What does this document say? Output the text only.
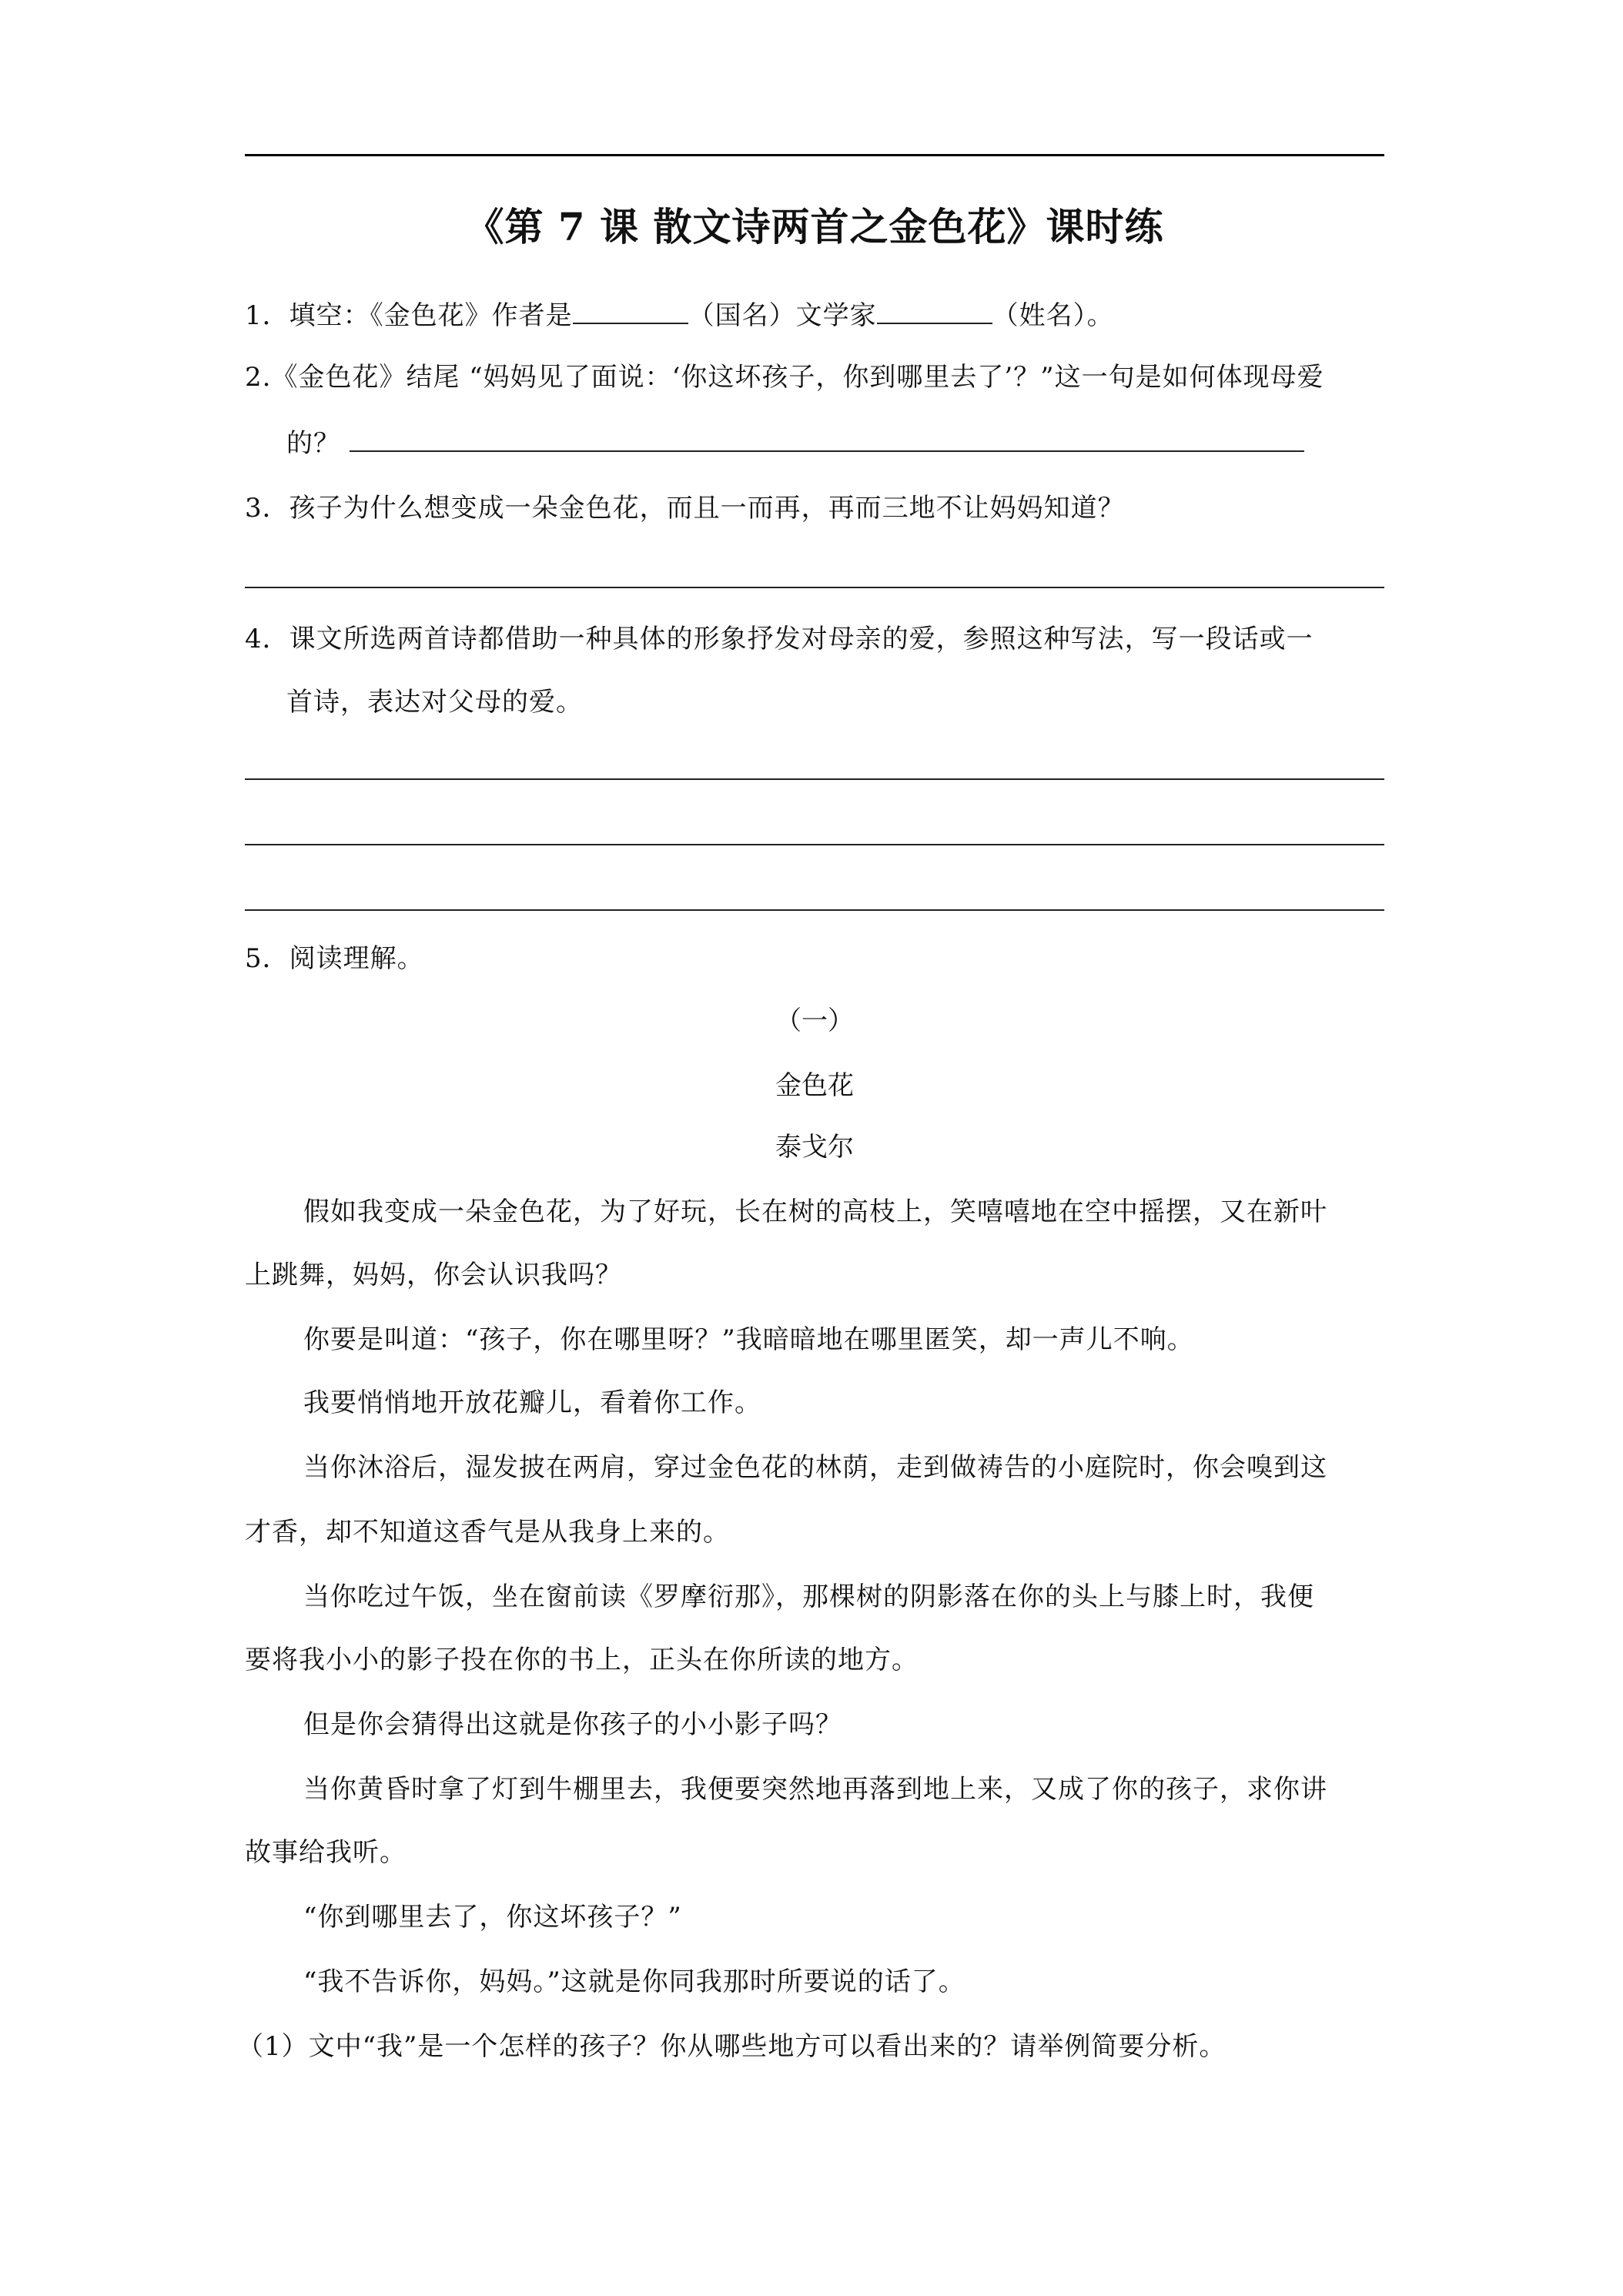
《第 7 课 散文诗两首之金色花》课时练
1．填空：《金色花》作者是	（国名）文学家	（姓名）。
2.《金色花》结尾 “妈妈见了面说：‘你这坏孩子，你到哪里去了’？”这一句是如何体现母爱
的？
3．孩子为什么想变成一朵金色花，而且一而再，再而三地不让妈妈知道？
4．课文所选两首诗都借助一种具体的形象抒发对母亲的爱，参照这种写法，写一段话或一
首诗，表达对父母的爱。
5．阅读理解。
（一）
金色花
泰戈尔
假如我变成一朵金色花，为了好玩，长在树的高枝上，笑嘻嘻地在空中摇摆，又在新叶
上跳舞，妈妈，你会认识我吗？
你要是叫道：“孩子，你在哪里呀？”我暗暗地在哪里匿笑，却一声儿不响。
我要悄悄地开放花瓣儿，看着你工作。
当你沐浴后，湿发披在两肩，穿过金色花的林荫，走到做祷告的小庭院时，你会嗅到这
才香，却不知道这香气是从我身上来的。
当你吃过午饭，坐在窗前读《罗摩衍那》，那棵树的阴影落在你的头上与膝上时，我便
要将我小小的影子投在你的书上，正头在你所读的地方。
但是你会猜得出这就是你孩子的小小影子吗？
当你黄昏时拿了灯到牛棚里去，我便要突然地再落到地上来，又成了你的孩子，求你讲
故事给我听。
“你到哪里去了，你这坏孩子？”
“我不告诉你，妈妈。”这就是你同我那时所要说的话了。
（1）文中“我”是一个怎样的孩子？你从哪些地方可以看出来的？请举例简要分析。
